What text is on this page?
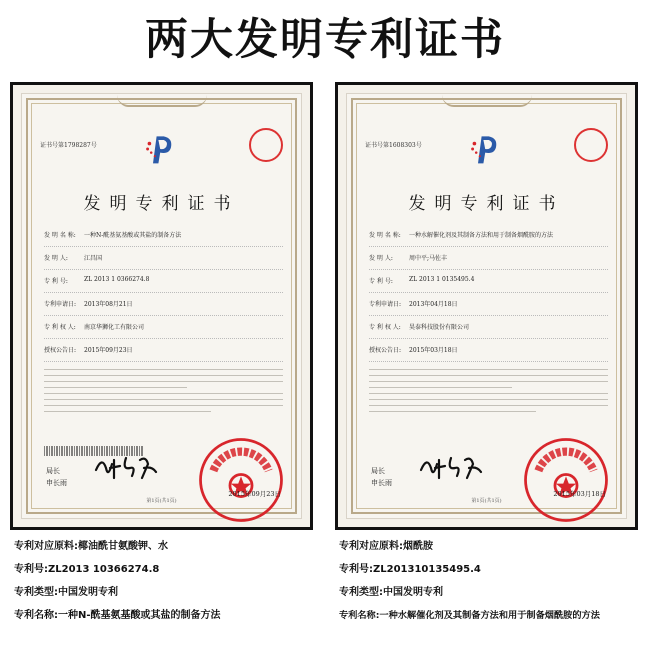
两大发明专利证书
证书号第1798287号
发明专利证书
发 明 名 称: 一种N-酰基氨基酸或其盐的制备方法
发 明 人:	江昌国
专 利 号:	ZL 2013 1 0366274.8
专利申请日: 2013年08月21日
专 利 权 人: 南京华狮化工有限公司
授权公告日: 2015年09月23日
局长
申长雨
2015年09月23日
第1页(共1页)
证书号第1608303号
发明专利证书
发 明 名 称: 一种水解催化剂及其制备方法和用于制备烟酰胺的方法
发 明 人:	周中平;马佐丰
专 利 号:	ZL 2013 1 0135495.4
专利申请日: 2013年04月18日
专 利 权 人: 昊泰科技股份有限公司
授权公告日: 2015年03月18日
局长
申长雨
2015年03月18日
第1页(共1页)
专利对应原料:椰油酰甘氨酸钾、水
专利号:ZL2013 10366274.8
专利类型:中国发明专利
专利名称:一种N-酰基氨基酸或其盐的制备方法
专利对应原料:烟酰胺
专利号:ZL201310135495.4
专利类型:中国发明专利
专利名称:一种水解催化剂及其制备方法和用于制备烟酰胺的方法
